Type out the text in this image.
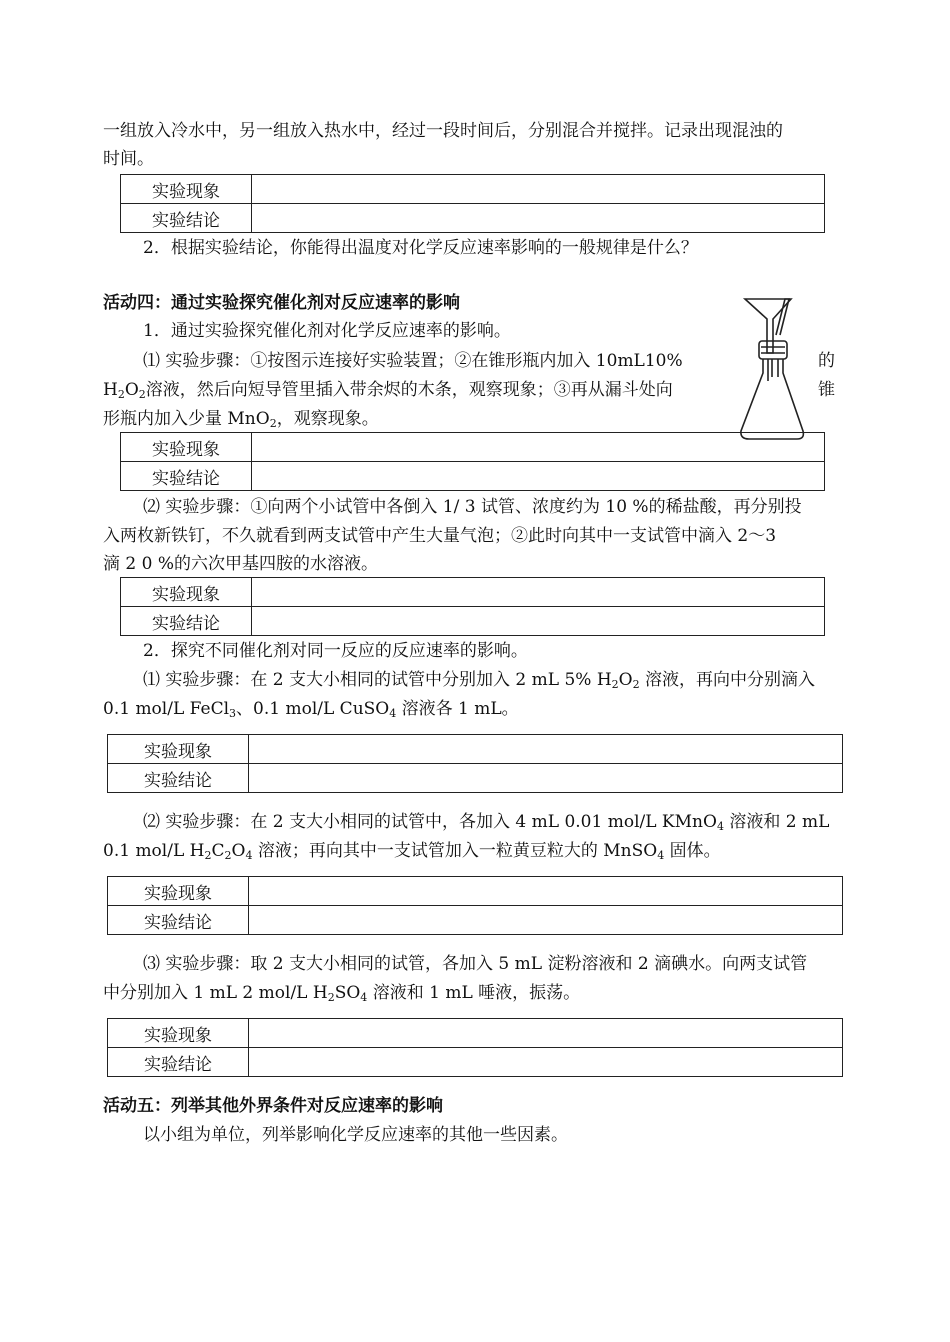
一组放入冷水中，另一组放入热水中，经过一段时间后，分别混合并搅拌。记录出现混浊的
时间。
实验现象	
实验结论	
2．根据实验结论，你能得出温度对化学反应速率影响的一般规律是什么？
活动四：通过实验探究催化剂对反应速率的影响
1．通过实验探究催化剂对化学反应速率的影响。
⑴ 实验步骤：①按图示连接好实验装置；②在锥形瓶内加入 10mL10%	的
$H_2O_2$溶液，然后向短导管里插入带余烬的木条，观察现象；③再从漏斗处向	锥
形瓶内加入少量 MnO$_2$，观察现象。
实验现象	
实验结论	
⑵ 实验步骤：①向两个小试管中各倒入 1/ 3 试管、浓度约为 10 %的稀盐酸，再分别投
入两枚新铁钉，不久就看到两支试管中产生大量气泡；②此时向其中一支试管中滴入 2～3
滴 2 0 %的六次甲基四胺的水溶液。
实验现象	
实验结论	
2．探究不同催化剂对同一反应的反应速率的影响。
⑴ 实验步骤：在 2 支大小相同的试管中分别加入 2 mL 5% $H_2O_2$ 溶液，再向中分别滴入
0.1 mol/L FeCl$_3$、0.1 mol/L CuSO$_4$ 溶液各 1 mL。
实验现象	
实验结论	
⑵ 实验步骤：在 2 支大小相同的试管中，各加入 4 mL 0.01 mol/L KMnO$_4$ 溶液和 2 mL
0.1 mol/L $H_2C_2O_4$ 溶液；再向其中一支试管加入一粒黄豆粒大的 MnSO$_4$ 固体。
实验现象	
实验结论	
⑶ 实验步骤：取 2 支大小相同的试管，各加入 5 mL 淀粉溶液和 2 滴碘水。向两支试管
中分别加入 1 mL 2 mol/L $H_2SO_4$ 溶液和 1 mL 唾液，振荡。
实验现象	
实验结论	
活动五：列举其他外界条件对反应速率的影响
以小组为单位，列举影响化学反应速率的其他一些因素。
